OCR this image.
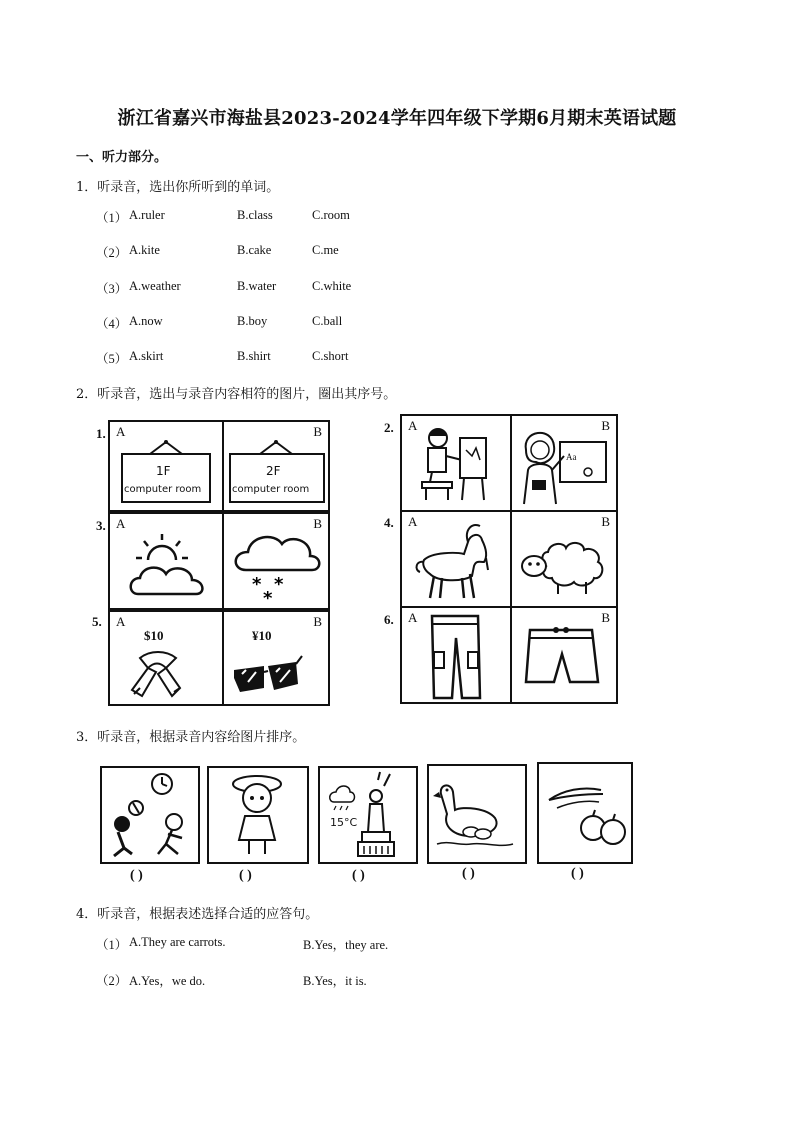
浙江省嘉兴市海盐县2023-2024学年四年级下学期6月期末英语试题
一、听力部分。
1．听录音，选出你所听到的单词。
（1） A.ruler	B.class	C.room
（2） A.kite	B.cake	C.me
（3） A.weather	B.water	C.white
（4） A.now	B.boy	C.ball
（5） A.skirt	B.shirt	C.short
2．听录音，选出与录音内容相符的图片，圈出其序号。
1. A
1F
computer room
B
2F
computer room
3. A	B
* *
*
5. A
$10
B
¥10
2. A	B
Aa
4. A	B
6. A	B
3．听录音，根据录音内容给图片排序。
15°C
( )	( )	( )	( )	( )
4．听录音，根据表述选择合适的应答句。
（1） A.They are carrots.	B.Yes，they are.
（2） A.Yes，we do.	B.Yes，it is.
